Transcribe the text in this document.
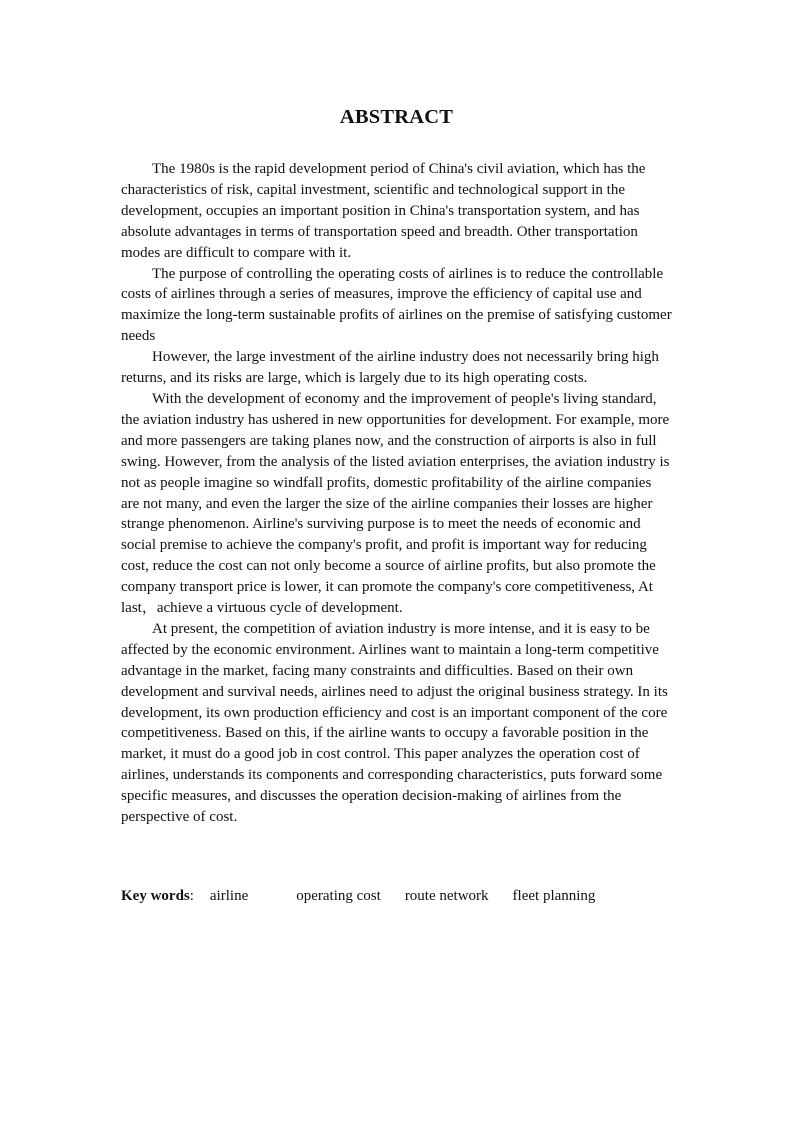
ABSTRACT

The 1980s is the rapid development period of China's civil aviation, which has the characteristics of risk, capital investment, scientific and technological support in the development, occupies an important position in China's transportation system, and has absolute advantages in terms of transportation speed and breadth. Other transportation modes are difficult to compare with it.

The purpose of controlling the operating costs of airlines is to reduce the controllable costs of airlines through a series of measures, improve the efficiency of capital use and maximize the long-term sustainable profits of airlines on the premise of satisfying customer needs

However, the large investment of the airline industry does not necessarily bring high returns, and its risks are large, which is largely due to its high operating costs.

With the development of economy and the improvement of people's living standard, the aviation industry has ushered in new opportunities for development. For example, more and more passengers are taking planes now, and the construction of airports is also in full swing. However, from the analysis of the listed aviation enterprises, the aviation industry is not as people imagine so windfall profits, domestic profitability of the airline companies are not many, and even the larger the size of the airline companies their losses are higher strange phenomenon. Airline's surviving purpose is to meet the needs of economic and social premise to achieve the company's profit, and profit is important way for reducing cost, reduce the cost can not only become a source of airline profits, but also promote the company transport price is lower, it can promote the company's core competitiveness, At last，achieve a virtuous cycle of development.

At present, the competition of aviation industry is more intense, and it is easy to be affected by the economic environment. Airlines want to maintain a long-term competitive advantage in the market, facing many constraints and difficulties. Based on their own development and survival needs, airlines need to adjust the original business strategy. In its development, its own production efficiency and cost is an important component of the core competitiveness. Based on this, if the airline wants to occupy a favorable position in the market, it must do a good job in cost control. This paper analyzes the operation cost of airlines, understands its components and corresponding characteristics, puts forward some specific measures, and discusses the operation decision-making of airlines from the perspective of cost.

Key words: airline	operating cost route network fleet planning
